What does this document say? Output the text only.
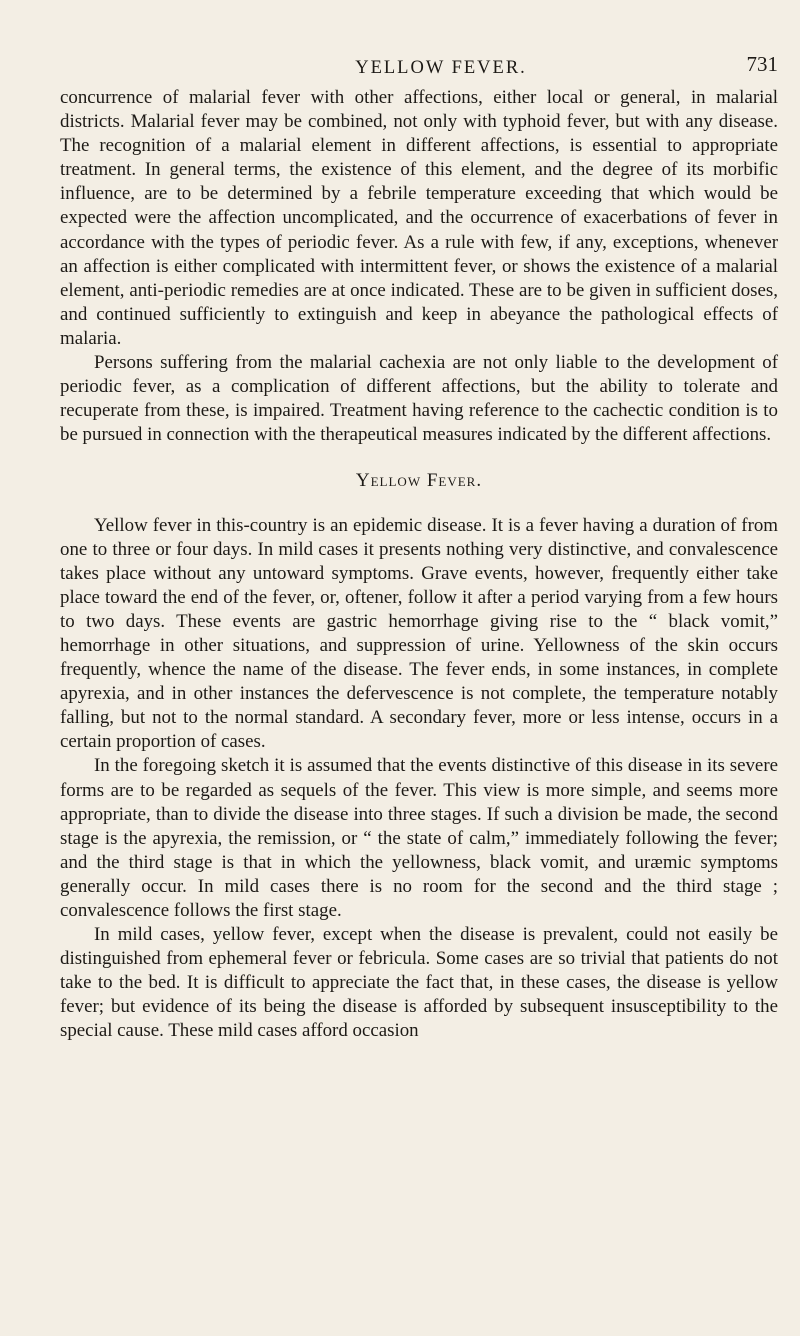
YELLOW FEVER.	731

concurrence of malarial fever with other affections, either local or general, in malarial districts. Malarial fever may be combined, not only with typhoid fever, but with any disease. The recognition of a malarial element in different affections, is essential to appropriate treatment. In general terms, the existence of this element, and the degree of its morbific influence, are to be determined by a febrile temperature exceeding that which would be expected were the affection uncomplicated, and the occurrence of exacerbations of fever in accordance with the types of periodic fever. As a rule with few, if any, exceptions, whenever an affection is either complicated with intermittent fever, or shows the existence of a malarial element, anti-periodic remedies are at once indicated. These are to be given in sufficient doses, and continued sufficiently to extinguish and keep in abeyance the pathological effects of malaria.

Persons suffering from the malarial cachexia are not only liable to the development of periodic fever, as a complication of different affections, but the ability to tolerate and recuperate from these, is impaired. Treatment having reference to the cachectic condition is to be pursued in connection with the therapeutical measures indicated by the different affections.

Yellow Fever.

Yellow fever in this-country is an epidemic disease. It is a fever having a duration of from one to three or four days. In mild cases it presents nothing very distinctive, and convalescence takes place without any untoward symptoms. Grave events, however, frequently either take place toward the end of the fever, or, oftener, follow it after a period varying from a few hours to two days. These events are gastric hemorrhage giving rise to the “ black vomit,” hemorrhage in other situations, and suppression of urine. Yellowness of the skin occurs frequently, whence the name of the disease. The fever ends, in some instances, in complete apyrexia, and in other instances the defervescence is not complete, the temperature notably falling, but not to the normal standard. A secondary fever, more or less intense, occurs in a certain proportion of cases.

In the foregoing sketch it is assumed that the events distinctive of this disease in its severe forms are to be regarded as sequels of the fever. This view is more simple, and seems more appropriate, than to divide the disease into three stages. If such a division be made, the second stage is the apyrexia, the remission, or “ the state of calm,” immediately following the fever; and the third stage is that in which the yellowness, black vomit, and uræmic symptoms generally occur. In mild cases there is no room for the second and the third stage ; convalescence follows the first stage.

In mild cases, yellow fever, except when the disease is prevalent, could not easily be distinguished from ephemeral fever or febricula. Some cases are so trivial that patients do not take to the bed. It is difficult to appreciate the fact that, in these cases, the disease is yellow fever; but evidence of its being the disease is afforded by subsequent insusceptibility to the special cause. These mild cases afford occasion
